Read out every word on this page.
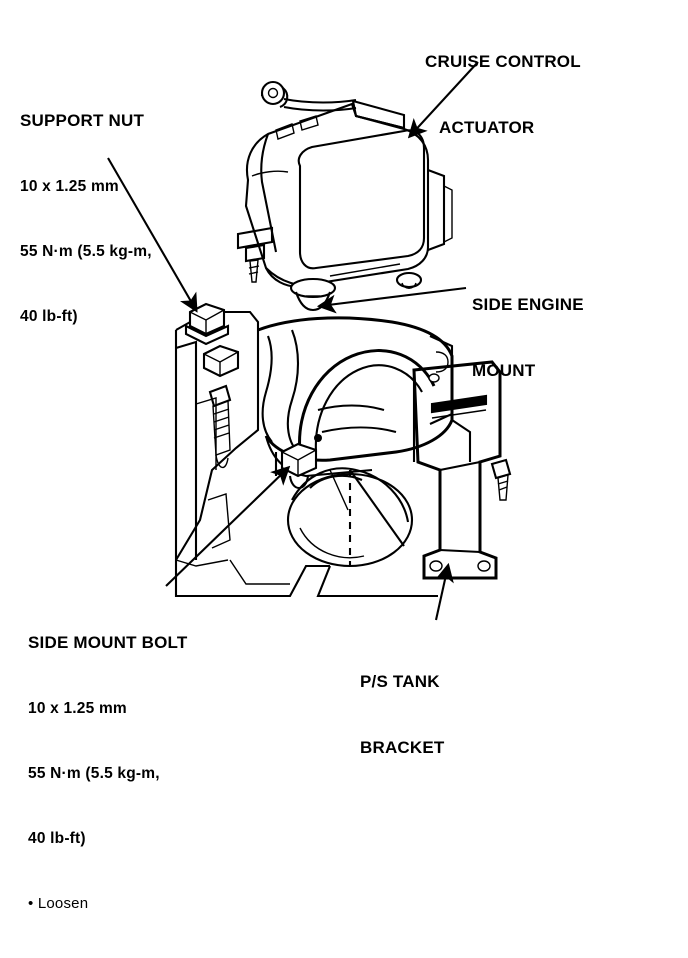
CRUISE CONTROL

ACTUATOR

SUPPORT NUT

10 x 1.25 mm

55 N·m (5.5 kg-m,

40 lb-ft)

SIDE ENGINE

MOUNT

SIDE MOUNT BOLT

10 x 1.25 mm

55 N·m (5.5 kg-m,

40 lb-ft)

• Loosen

P/S TANK

BRACKET
